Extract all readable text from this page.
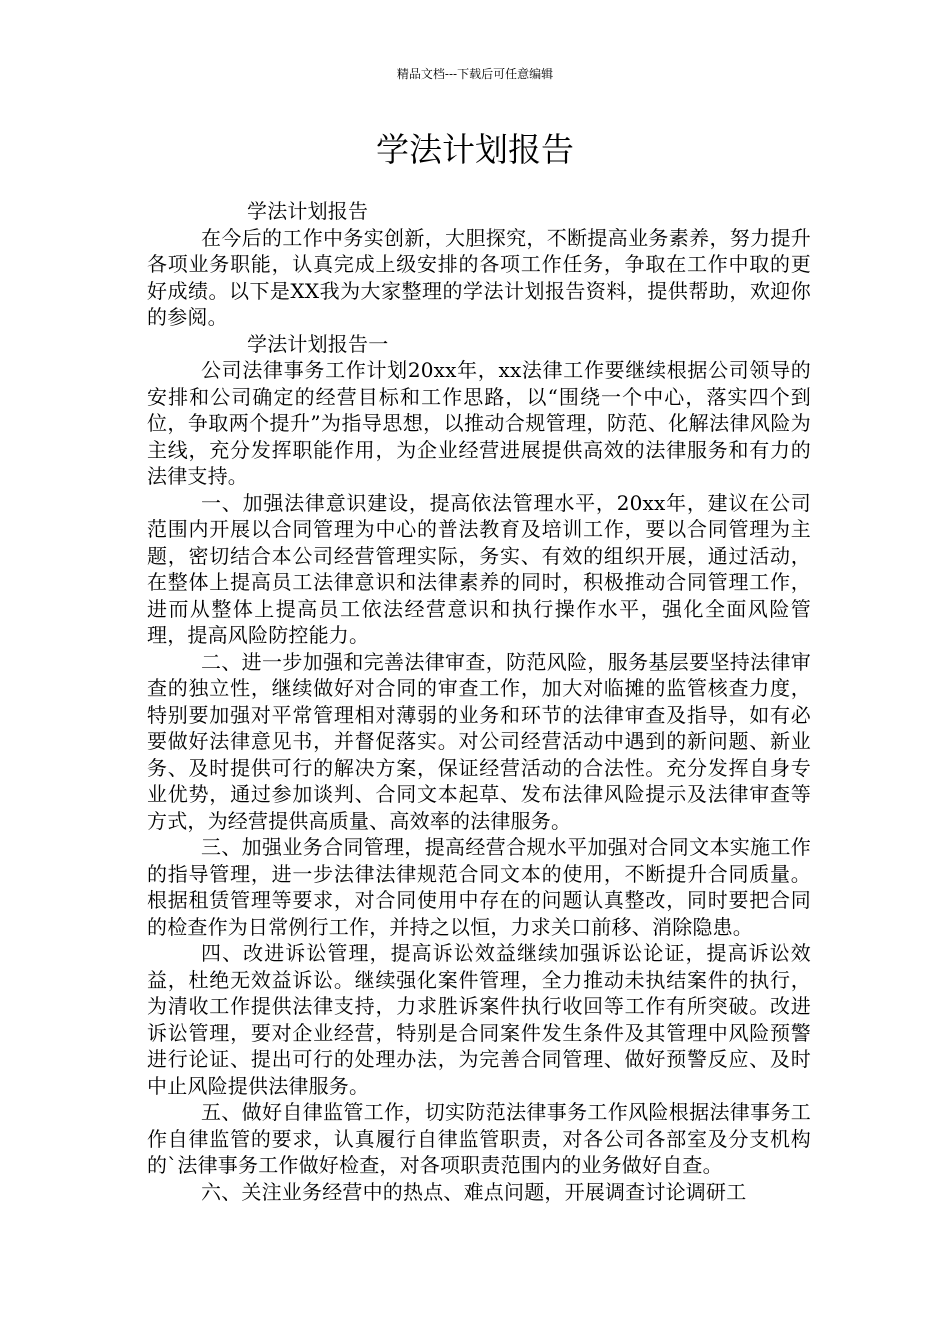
精品文档---下载后可任意编辑
学法计划报告

学法计划报告

在今后的工作中务实创新，大胆探究，不断提高业务素养，努力提升各项业务职能，认真完成上级安排的各项工作任务，争取在工作中取的更好成绩。以下是XX我为大家整理的学法计划报告资料，提供帮助，欢迎你的参阅。

学法计划报告一

公司法律事务工作计划20xx年，xx法律工作要继续根据公司领导的安排和公司确定的经营目标和工作思路，以“围绕一个中心，落实四个到位，争取两个提升”为指导思想，以推动合规管理，防范、化解法律风险为主线，充分发挥职能作用，为企业经营进展提供高效的法律服务和有力的法律支持。

一、加强法律意识建设，提高依法管理水平，20xx年，建议在公司范围内开展以合同管理为中心的普法教育及培训工作，要以合同管理为主题，密切结合本公司经营管理实际，务实、有效的组织开展，通过活动，在整体上提高员工法律意识和法律素养的同时，积极推动合同管理工作，进而从整体上提高员工依法经营意识和执行操作水平，强化全面风险管理，提高风险防控能力。

二、进一步加强和完善法律审查，防范风险，服务基层要坚持法律审查的独立性，继续做好对合同的审查工作，加大对临摊的监管核查力度，特别要加强对平常管理相对薄弱的业务和环节的法律审查及指导，如有必要做好法律意见书，并督促落实。对公司经营活动中遇到的新问题、新业务、及时提供可行的解决方案，保证经营活动的合法性。充分发挥自身专业优势，通过参加谈判、合同文本起草、发布法律风险提示及法律审查等方式，为经营提供高质量、高效率的法律服务。

三、加强业务合同管理，提高经营合规水平加强对合同文本实施工作的指导管理，进一步法律法律规范合同文本的使用，不断提升合同质量。根据租赁管理等要求，对合同使用中存在的问题认真整改，同时要把合同的检查作为日常例行工作，并持之以恒，力求关口前移、消除隐患。

四、改进诉讼管理，提高诉讼效益继续加强诉讼论证，提高诉讼效益，杜绝无效益诉讼。继续强化案件管理，全力推动未执结案件的执行，为清收工作提供法律支持，力求胜诉案件执行收回等工作有所突破。改进诉讼管理，要对企业经营，特别是合同案件发生条件及其管理中风险预警进行论证、提出可行的处理办法，为完善合同管理、做好预警反应、及时中止风险提供法律服务。

五、做好自律监管工作，切实防范法律事务工作风险根据法律事务工作自律监管的要求，认真履行自律监管职责，对各公司各部室及分支机构的`法律事务工作做好检查，对各项职责范围内的业务做好自查。

六、关注业务经营中的热点、难点问题，开展调查讨论调研工
